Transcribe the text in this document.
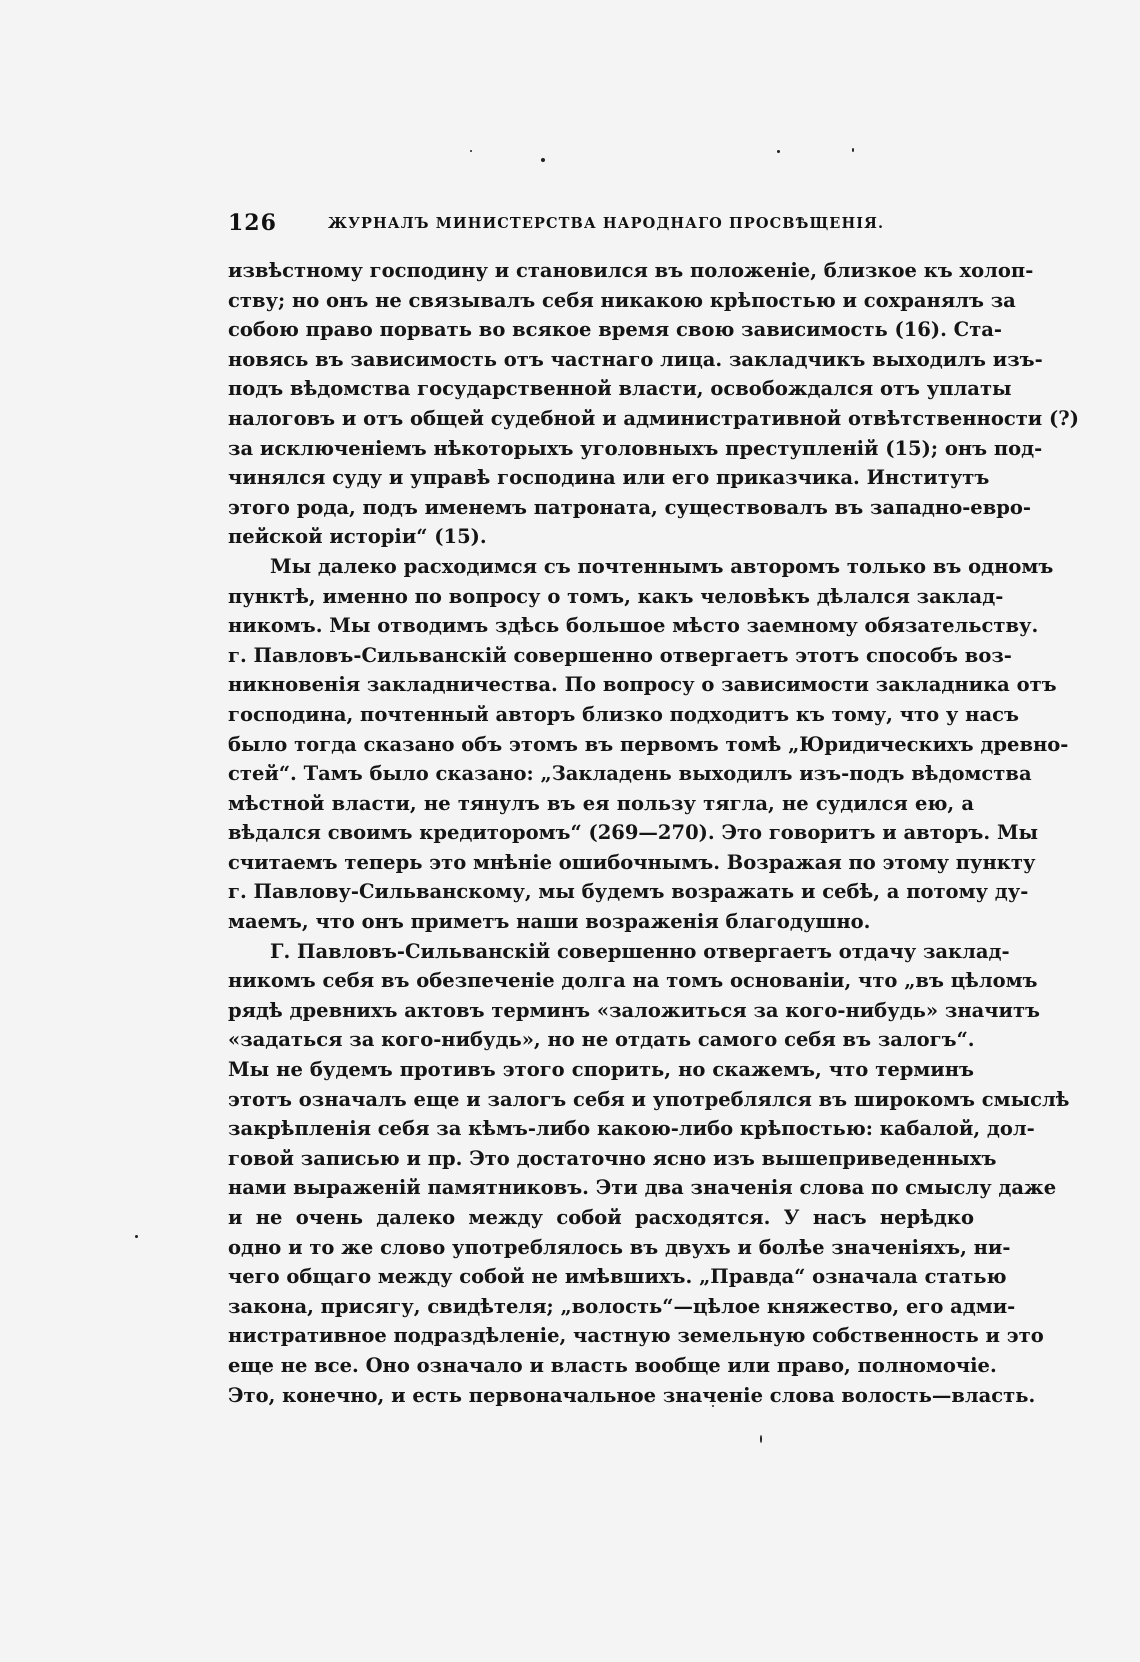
126	ЖУРНАЛЪ МИНИСТЕРСТВА НАРОДНАГО ПРОСВѢЩЕНІЯ.
извѣстному господину и становился въ положеніе, близкое къ холоп-
ству; но онъ не связывалъ себя никакою крѣпостью и сохранялъ за
собою право порвать во всякое время свою зависимость (16). Ста-
новясь въ зависимость отъ частнаго лица. закладчикъ выходилъ изъ-
подъ вѣдомства государственной власти, освобождался отъ уплаты
налоговъ и отъ общей судебной и административной отвѣтственности (?)
за исключеніемъ нѣкоторыхъ уголовныхъ преступленій (15); онъ под-
чинялся суду и управѣ господина или его приказчика. Институтъ
этого рода, подъ именемъ патроната, существовалъ въ западно-евро-
пейской исторіи“ (15).
Мы далеко расходимся съ почтеннымъ авторомъ только въ одномъ
пунктѣ, именно по вопросу о томъ, какъ человѣкъ дѣлался заклад-
никомъ. Мы отводимъ здѣсь большое мѣсто заемному обязательству.
г. Павловъ-Сильванскій совершенно отвергаетъ этотъ способъ воз-
никновенія закладничества. По вопросу о зависимости закладника отъ
господина, почтенный авторъ близко подходитъ къ тому, что у насъ
было тогда сказано объ этомъ въ первомъ томѣ „Юридическихъ древно-
стей“. Тамъ было сказано: „Закладень выходилъ изъ-подъ вѣдомства
мѣстной власти, не тянулъ въ ея пользу тягла, не судился ею, а
вѣдался своимъ кредиторомъ“ (269—270). Это говоритъ и авторъ. Мы
считаемъ теперь это мнѣніе ошибочнымъ. Возражая по этому пункту
г. Павлову-Сильванскому, мы будемъ возражать и себѣ, а потому ду-
маемъ, что онъ приметъ наши возраженія благодушно.
Г. Павловъ-Сильванскій совершенно отвергаетъ отдачу заклад-
никомъ себя въ обезпеченіе долга на томъ основаніи, что „въ цѣломъ
рядѣ древнихъ актовъ терминъ «заложиться за кого-нибудь» значитъ
«задаться за кого-нибудь», но не отдать самого себя въ залогъ“.
Мы не будемъ противъ этого спорить, но скажемъ, что терминъ
этотъ означалъ еще и залогъ себя и употреблялся въ широкомъ смыслѣ
закрѣпленія себя за кѣмъ-либо какою-либо крѣпостью: кабалой, дол-
говой записью и пр. Это достаточно ясно изъ вышеприведенныхъ
нами выраженій памятниковъ. Эти два значенія слова по смыслу даже
и не очень далеко между собой расходятся. У насъ нерѣдко
одно и то же слово употреблялось въ двухъ и болѣе значеніяхъ, ни-
чего общаго между собой не имѣвшихъ. „Правда“ означала статью
закона, присягу, свидѣтеля; „волость“—цѣлое княжество, его адми-
нистративное подраздѣленіе, частную земельную собственность и это
еще не все. Оно означало и власть вообще или право, полномочіе.
Это, конечно, и есть первоначальное значеніе слова волость—власть.
